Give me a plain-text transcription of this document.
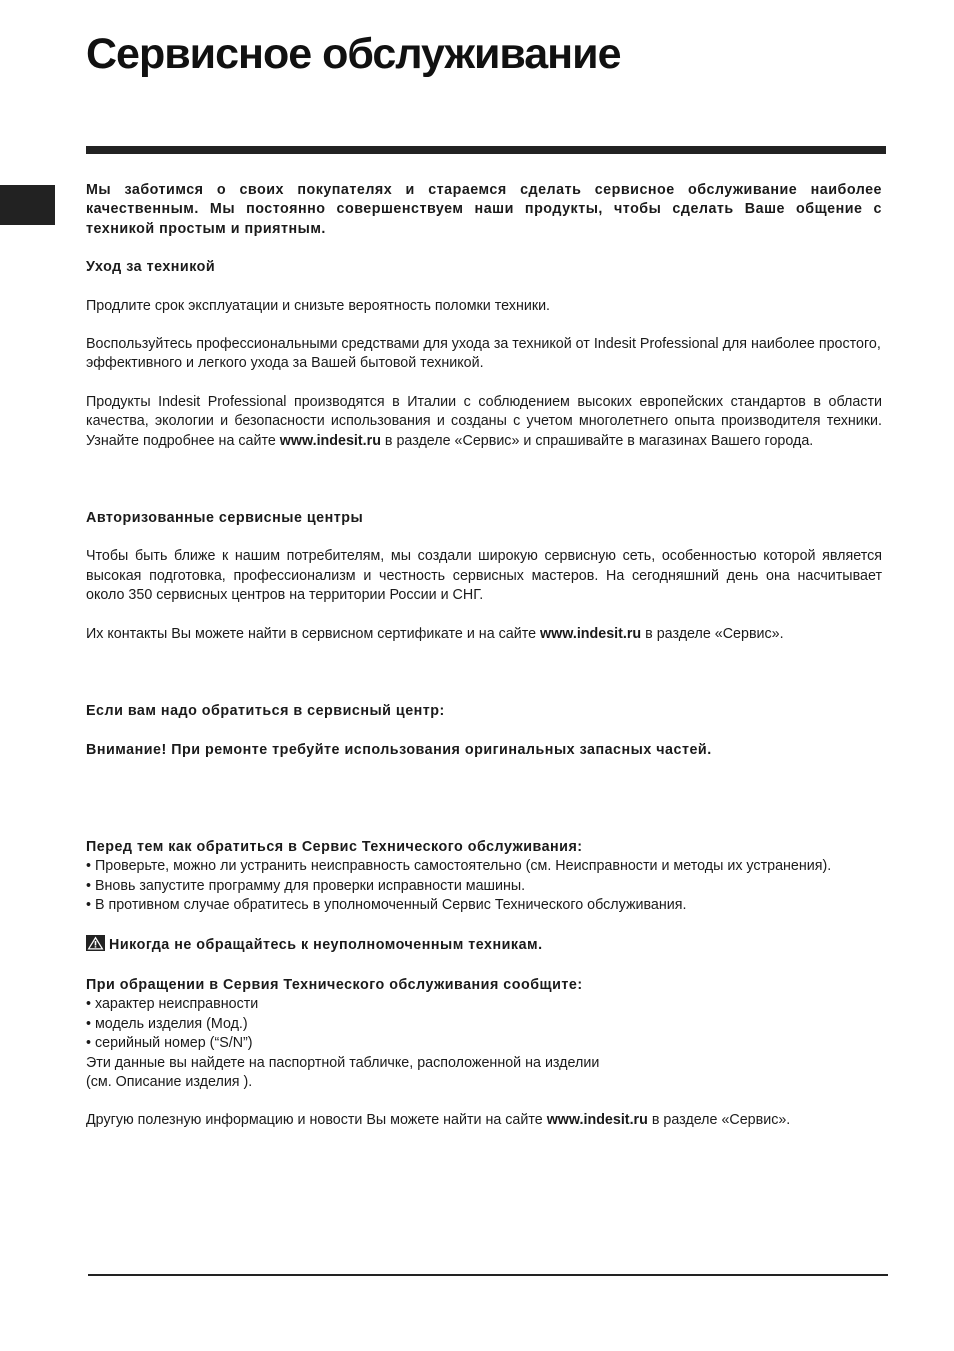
Сервисное обслуживание

Мы заботимся о своих покупателях и стараемся сделать сервисное обслуживание наиболее качественным. Мы постоянно совершенствуем наши продукты, чтобы сделать Ваше общение с техникой простым и приятным.

Уход за техникой

Продлите срок эксплуатации и снизьте вероятность поломки техники.

Воспользуйтесь профессиональными средствами для ухода за техникой от Indesit Professional для наиболее простого, эффективного и легкого ухода за Вашей бытовой техникой.

Продукты Indesit Professional производятся в Италии с соблюдением высоких европейских стандартов в области качества, экологии и безопасности использования и созданы с учетом многолетнего опыта производителя техники. Узнайте подробнее на сайте www.indesit.ru в разделе «Сервис» и спрашивайте в магазинах Вашего города.

Авторизованные сервисные центры

Чтобы быть ближе к нашим потребителям, мы создали широкую сервисную сеть, особенностью которой является высокая подготовка, профессионализм и честность сервисных мастеров. На сегодняшний день она насчитывает около 350 сервисных центров на территории России и СНГ.

Их контакты Вы можете найти в сервисном сертификате и на сайте www.indesit.ru в разделе «Сервис».

Если вам надо обратиться в сервисный центр:

Внимание! При ремонте требуйте использования оригинальных запасных частей.

Перед тем как обратиться в Сервис Технического обслуживания:

• Проверьте, можно ли устранить неисправность самостоятельно (см. Неисправности и методы их устранения).

• Вновь запустите программу для проверки исправности машины.

• В противном случае обратитесь в уполномоченный Сервис Технического обслуживания.

Никогда не обращайтесь к неуполномоченным техникам.

При обращении в Сервия Технического обслуживания сообщите:

• характер неисправности

• модель изделия (Мод.)

• серийный номер (“S/N”)

Эти данные вы найдете на паспортной табличке, расположенной на изделии

(см. Описание изделия ).

Другую полезную информацию и новости Вы можете найти на сайте www.indesit.ru в разделе «Сервис».
